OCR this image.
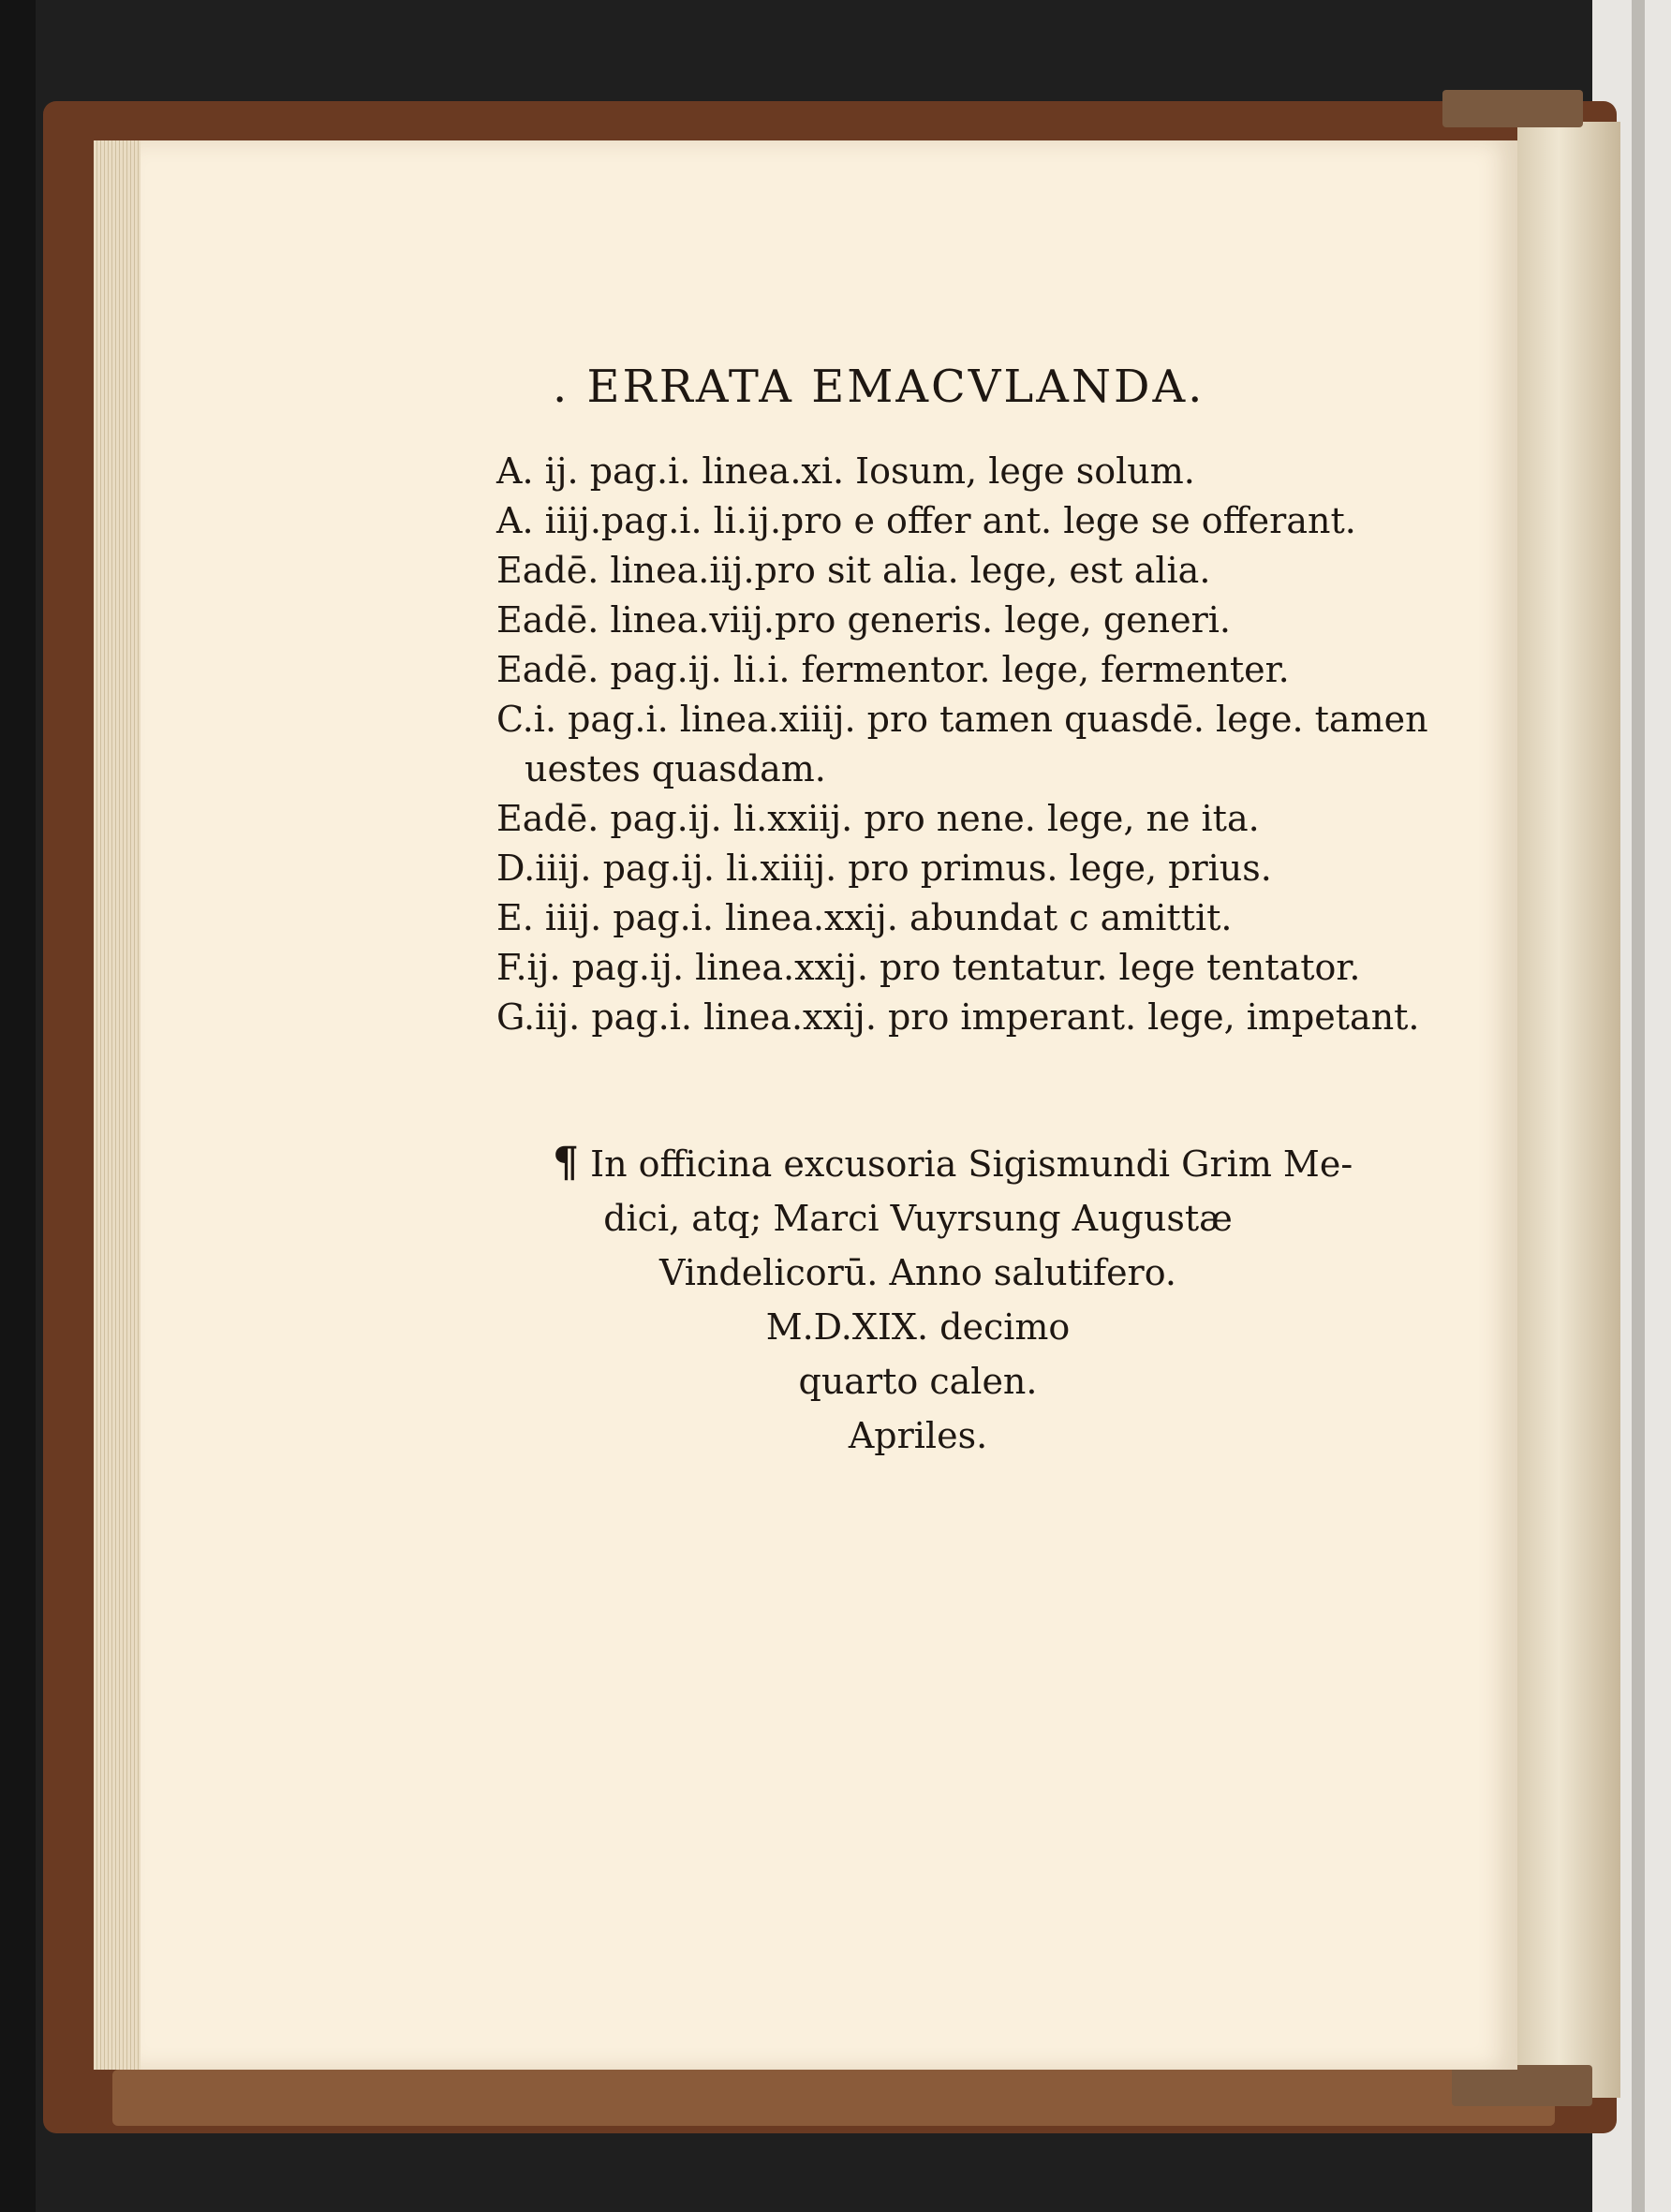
. ERRATA EMACVLANDA.
A. ij. pag.i. linea.xi. Iosum, lege solum.
A. iiij.pag.i. li.ij.pro e offer ant. lege se offerant.
Eadē. linea.iij.pro sit alia. lege, est alia.
Eadē. linea.viij.pro generis. lege, generi.
Eadē. pag.ij. li.i. fermentor. lege, fermenter.
C.i. pag.i. linea.xiiij. pro tamen quasdē. lege. tamen
uestes quasdam.
Eadē. pag.ij. li.xxiij. pro nene. lege, ne ita.
D.iiij. pag.ij. li.xiiij. pro primus. lege, prius.
E. iiij. pag.i. linea.xxij. abundat c amittit.
F.ij. pag.ij. linea.xxij. pro tentatur. lege tentator.
G.iij. pag.i. linea.xxij. pro imperant. lege, impetant.
¶ In officina excusoria Sigismundi Grim Me-
dici, atq; Marci Vuyrsung Augustæ
Vindelicorū. Anno salutifero.
M.D.XIX. decimo
quarto calen.
Apriles.
